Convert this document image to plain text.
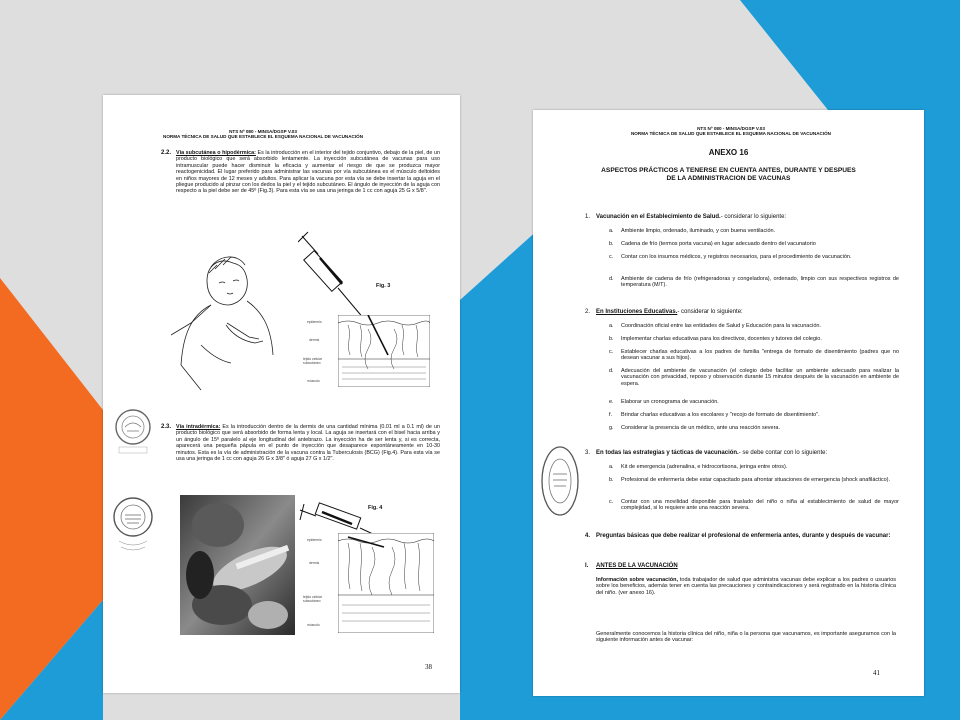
NTS Nº 080 - MINSA/DGSP V.03
NORMA TÉCNICA DE SALUD QUE ESTABLECE EL ESQUEMA NACIONAL DE VACUNACIÓN
2.2. Vía subcutánea o hipodérmica: Es la introducción en el interior del tejido conjuntivo, debajo de la piel, de un producto biológico que será absorbido lentamente. La inyección subcutánea de vacunas para uso intramuscular puede hacer disminuir la eficacia y aumentar el riesgo de que se produzca mayor reactogenicidad. El lugar preferido para administrar las vacunas por vía subcutánea es el músculo deltoides en niños mayores de 12 meses y adultos. Para aplicar la vacuna por esta vía se debe insertar la aguja en el pliegue producido al pinzar con los dedos la piel y el tejido subcutáneo. El ángulo de inyección de la aguja con respecto a la piel debe ser de 45º (Fig.3). Para esta vía se usa una jeringa de 1 cc con aguja 25 G x 5/8".
Fig. 3
epidermis
dermis
tejido celular subcutáneo
músculo
2.3. Vía intradérmica: Es la introducción dentro de la dermis de una cantidad mínima (0.01 ml a 0.1 ml) de un producto biológico que será absorbido de forma lenta y local. La aguja se insertará con el bisel hacia arriba y un ángulo de 15º paralelo al eje longitudinal del antebrazo. La inyección ha de ser lenta y, si es correcta, aparecerá una pequeña pápula en el punto de inyección que desaparece espontáneamente en 10-30 minutos. Esta es la vía de administración de la vacuna contra la Tuberculosis (BCG) (Fig.4). Para esta vía se usa una jeringa de 1 cc con aguja 26 G x 3/8" ó aguja 27 G x 1/2".
Fig. 4
epidermis
dermis
tejido celular subcutáneo
músculo
38
NTS Nº 080 - MINSA/DGSP V.03
NORMA TÉCNICA DE SALUD QUE ESTABLECE EL ESQUEMA NACIONAL DE VACUNACIÓN
ANEXO 16
ASPECTOS PRÁCTICOS A TENERSE EN CUENTA ANTES, DURANTE Y DESPUES
DE LA ADMINISTRACION DE VACUNAS
1. Vacunación en el Establecimiento de Salud.- considerar lo siguiente:
a. Ambiente limpio, ordenado, iluminado, y con buena ventilación.
b. Cadena de frío (termos porta vacuna) en lugar adecuado dentro del vacunatorio
c. Contar con los insumos médicos, y registros necesarios, para el procedimiento de vacunación.
d. Ambiente de cadena de frío (refrigeradoras y congeladora), ordenado, limpio con sus respectivos registros de temperatura (M/T).
2. En Instituciones Educativas.- considerar lo siguiente:
a. Coordinación oficial entre las entidades de Salud y Educación para la vacunación.
b. Implementar charlas educativas para los directivos, docentes y tutores del colegio.
c. Establecer charlas educativas a los padres de familia "entrega de formato de disentimiento (padres que no desean vacunar a sus hijos).
d. Adecuación del ambiente de vacunación (el colegio debe facilitar un ambiente adecuado para realizar la vacunación con privacidad, reposo y observación durante 15 minutos después de la vacunación en ambiente de espera.
e. Elaborar un cronograma de vacunación.
f. Brindar charlas educativas a los escolares y "recojo de formato de disentimiento".
g. Considerar la presencia de un médico, ante una reacción severa.
3. En todas las estrategias y tácticas de vacunación.- se debe contar con lo siguiente:
a. Kit de emergencia (adrenalina, e hidrocortisona, jeringa entre otros).
b. Profesional de enfermería debe estar capacitado para afrontar situaciones de emergencia (shock anafiláctico).
c. Contar con una movilidad disponible para traslado del niño o niña al establecimiento de salud de mayor complejidad, si lo requiere ante una reacción severa.
4. Preguntas básicas que debe realizar el profesional de enfermería antes, durante y después de vacunar:
I. ANTES DE LA VACUNACIÓN
Información sobre vacunación, toda trabajador de salud que administra vacunas debe explicar a los padres o usuarios sobre los beneficios, además tener en cuenta las precauciones y contraindicaciones y será registrado en la historia clínica del niño. (ver anexo 16).
Generalmente conocemos la historia clínica del niño, niña o la persona que vacunamos, es importante asegurarnos con la siguiente información antes de vacunar:
41
